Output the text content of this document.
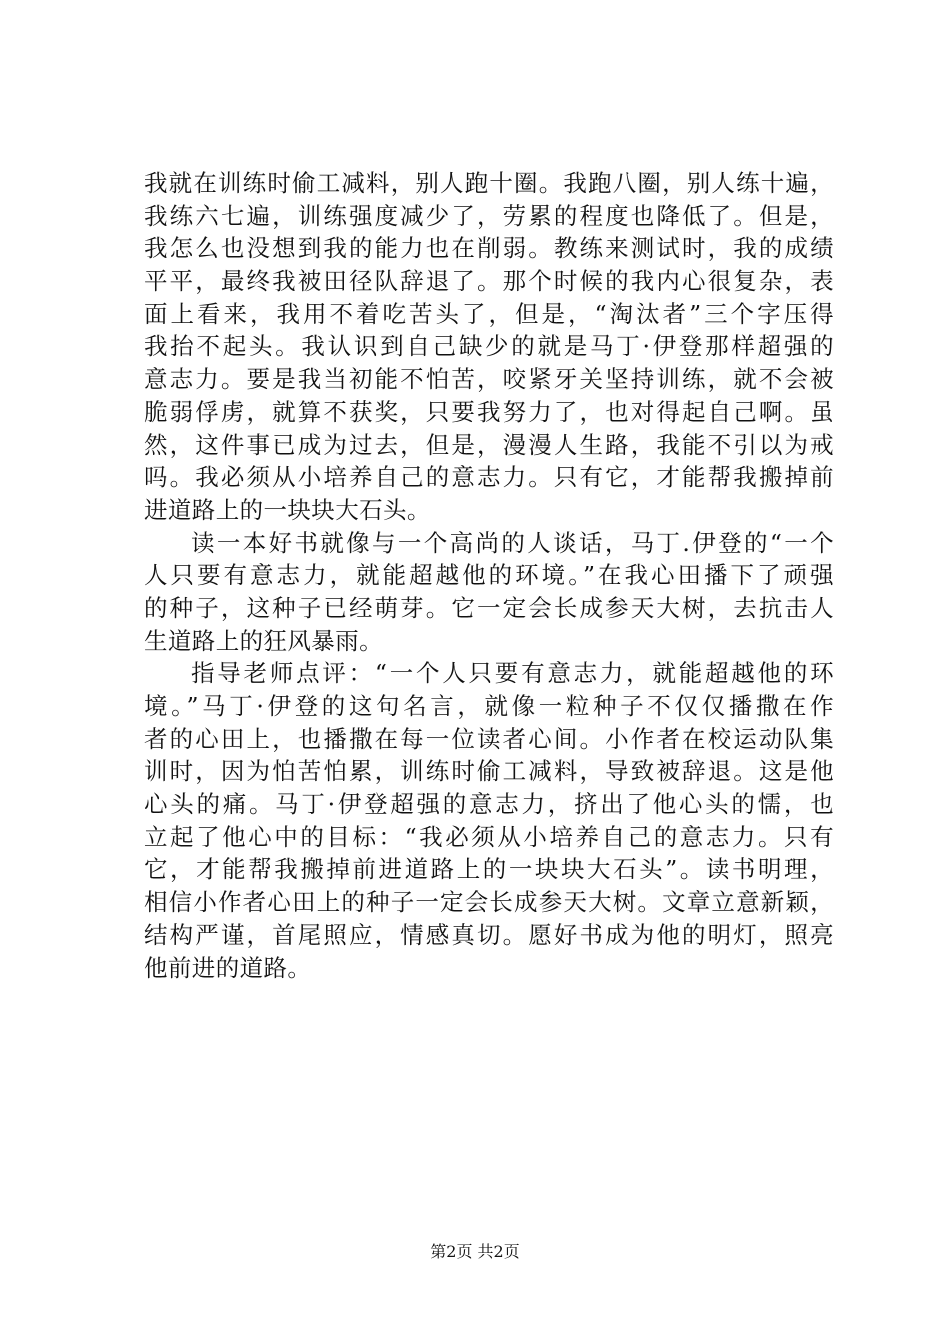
我就在训练时偷工减料，别人跑十圈。我跑八圈，别人练十遍，
我练六七遍，训练强度减少了，劳累的程度也降低了。但是，
我怎么也没想到我的能力也在削弱。教练来测试时，我的成绩
平平，最终我被田径队辞退了。那个时候的我内心很复杂，表
面上看来，我用不着吃苦头了，但是，“淘汰者”三个字压得
我抬不起头。我认识到自己缺少的就是马丁·伊登那样超强的
意志力。要是我当初能不怕苦，咬紧牙关坚持训练，就不会被
脆弱俘虏，就算不获奖，只要我努力了，也对得起自己啊。虽
然，这件事已成为过去，但是，漫漫人生路，我能不引以为戒
吗。我必须从小培养自己的意志力。只有它，才能帮我搬掉前
进道路上的一块块大石头。
读一本好书就像与一个高尚的人谈话，马丁.伊登的“一个
人只要有意志力，就能超越他的环境。”在我心田播下了顽强
的种子，这种子已经萌芽。它一定会长成参天大树，去抗击人
生道路上的狂风暴雨。
指导老师点评：“一个人只要有意志力，就能超越他的环
境。”马丁·伊登的这句名言，就像一粒种子不仅仅播撒在作
者的心田上，也播撒在每一位读者心间。小作者在校运动队集
训时，因为怕苦怕累，训练时偷工减料，导致被辞退。这是他
心头的痛。马丁·伊登超强的意志力，挤出了他心头的懦，也
立起了他心中的目标：“我必须从小培养自己的意志力。只有
它，才能帮我搬掉前进道路上的一块块大石头”。读书明理，
相信小作者心田上的种子一定会长成参天大树。文章立意新颖，
结构严谨，首尾照应，情感真切。愿好书成为他的明灯，照亮
他前进的道路。
第2页 共2页
